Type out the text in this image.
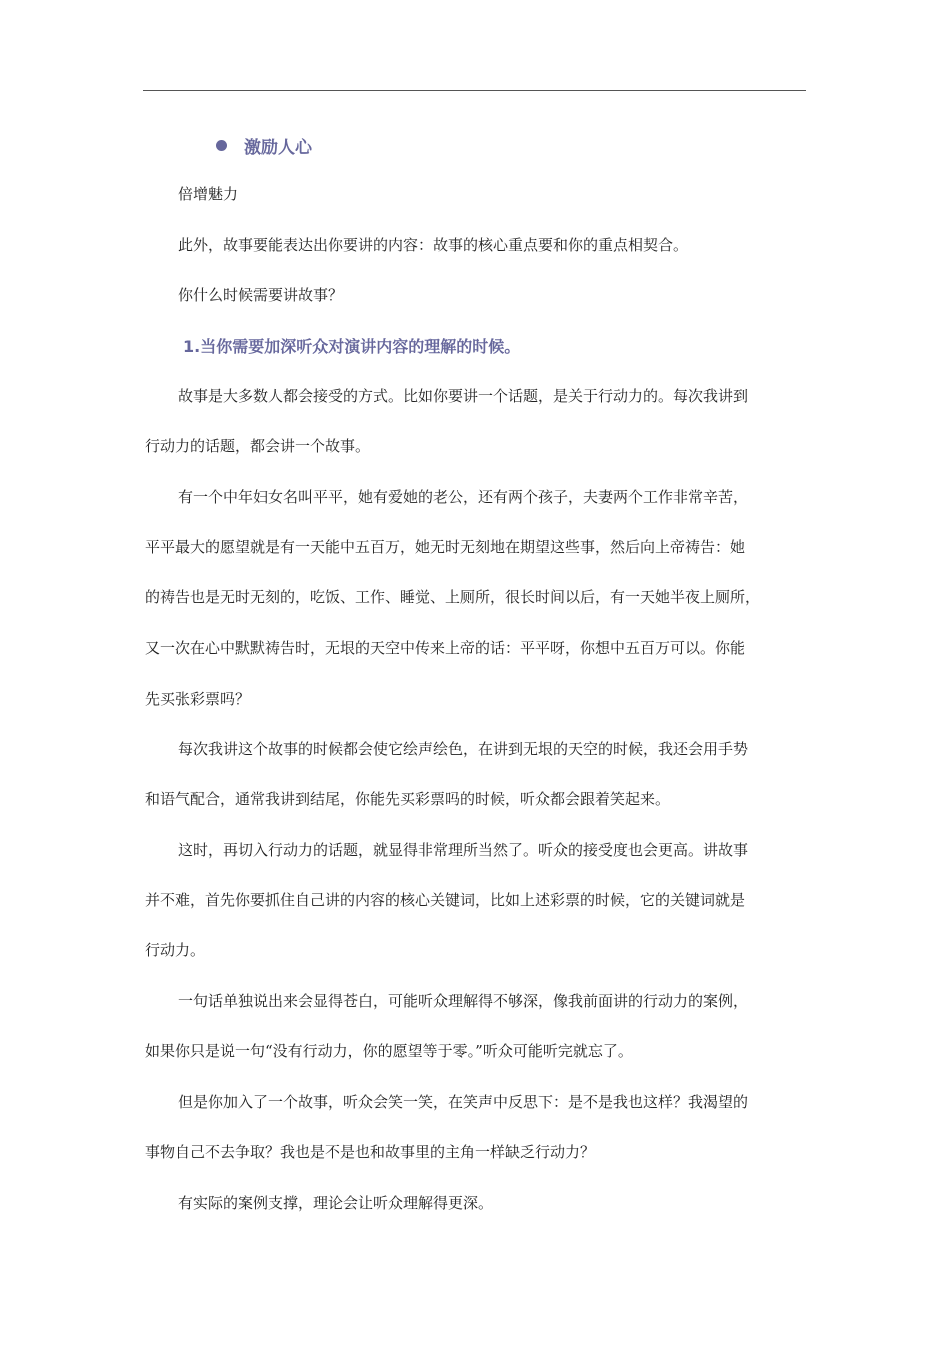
激励人心
倍增魅力
此外，故事要能表达出你要讲的内容：故事的核心重点要和你的重点相契合。
你什么时候需要讲故事？
1.当你需要加深听众对演讲内容的理解的时候。
故事是大多数人都会接受的方式。比如你要讲一个话题，是关于行动力的。每次我讲到
行动力的话题，都会讲一个故事。
有一个中年妇女名叫平平，她有爱她的老公，还有两个孩子，夫妻两个工作非常辛苦，
平平最大的愿望就是有一天能中五百万，她无时无刻地在期望这些事，然后向上帝祷告：她
的祷告也是无时无刻的，吃饭、工作、睡觉、上厕所，很长时间以后，有一天她半夜上厕所，
又一次在心中默默祷告时，无垠的天空中传来上帝的话：平平呀，你想中五百万可以。你能
先买张彩票吗？
每次我讲这个故事的时候都会使它绘声绘色，在讲到无垠的天空的时候，我还会用手势
和语气配合，通常我讲到结尾，你能先买彩票吗的时候，听众都会跟着笑起来。
这时，再切入行动力的话题，就显得非常理所当然了。听众的接受度也会更高。讲故事
并不难，首先你要抓住自己讲的内容的核心关键词，比如上述彩票的时候，它的关键词就是
行动力。
一句话单独说出来会显得苍白，可能听众理解得不够深，像我前面讲的行动力的案例，
如果你只是说一句“没有行动力，你的愿望等于零。”听众可能听完就忘了。
但是你加入了一个故事，听众会笑一笑，在笑声中反思下：是不是我也这样？我渴望的
事物自己不去争取？我也是不是也和故事里的主角一样缺乏行动力？
有实际的案例支撑，理论会让听众理解得更深。
